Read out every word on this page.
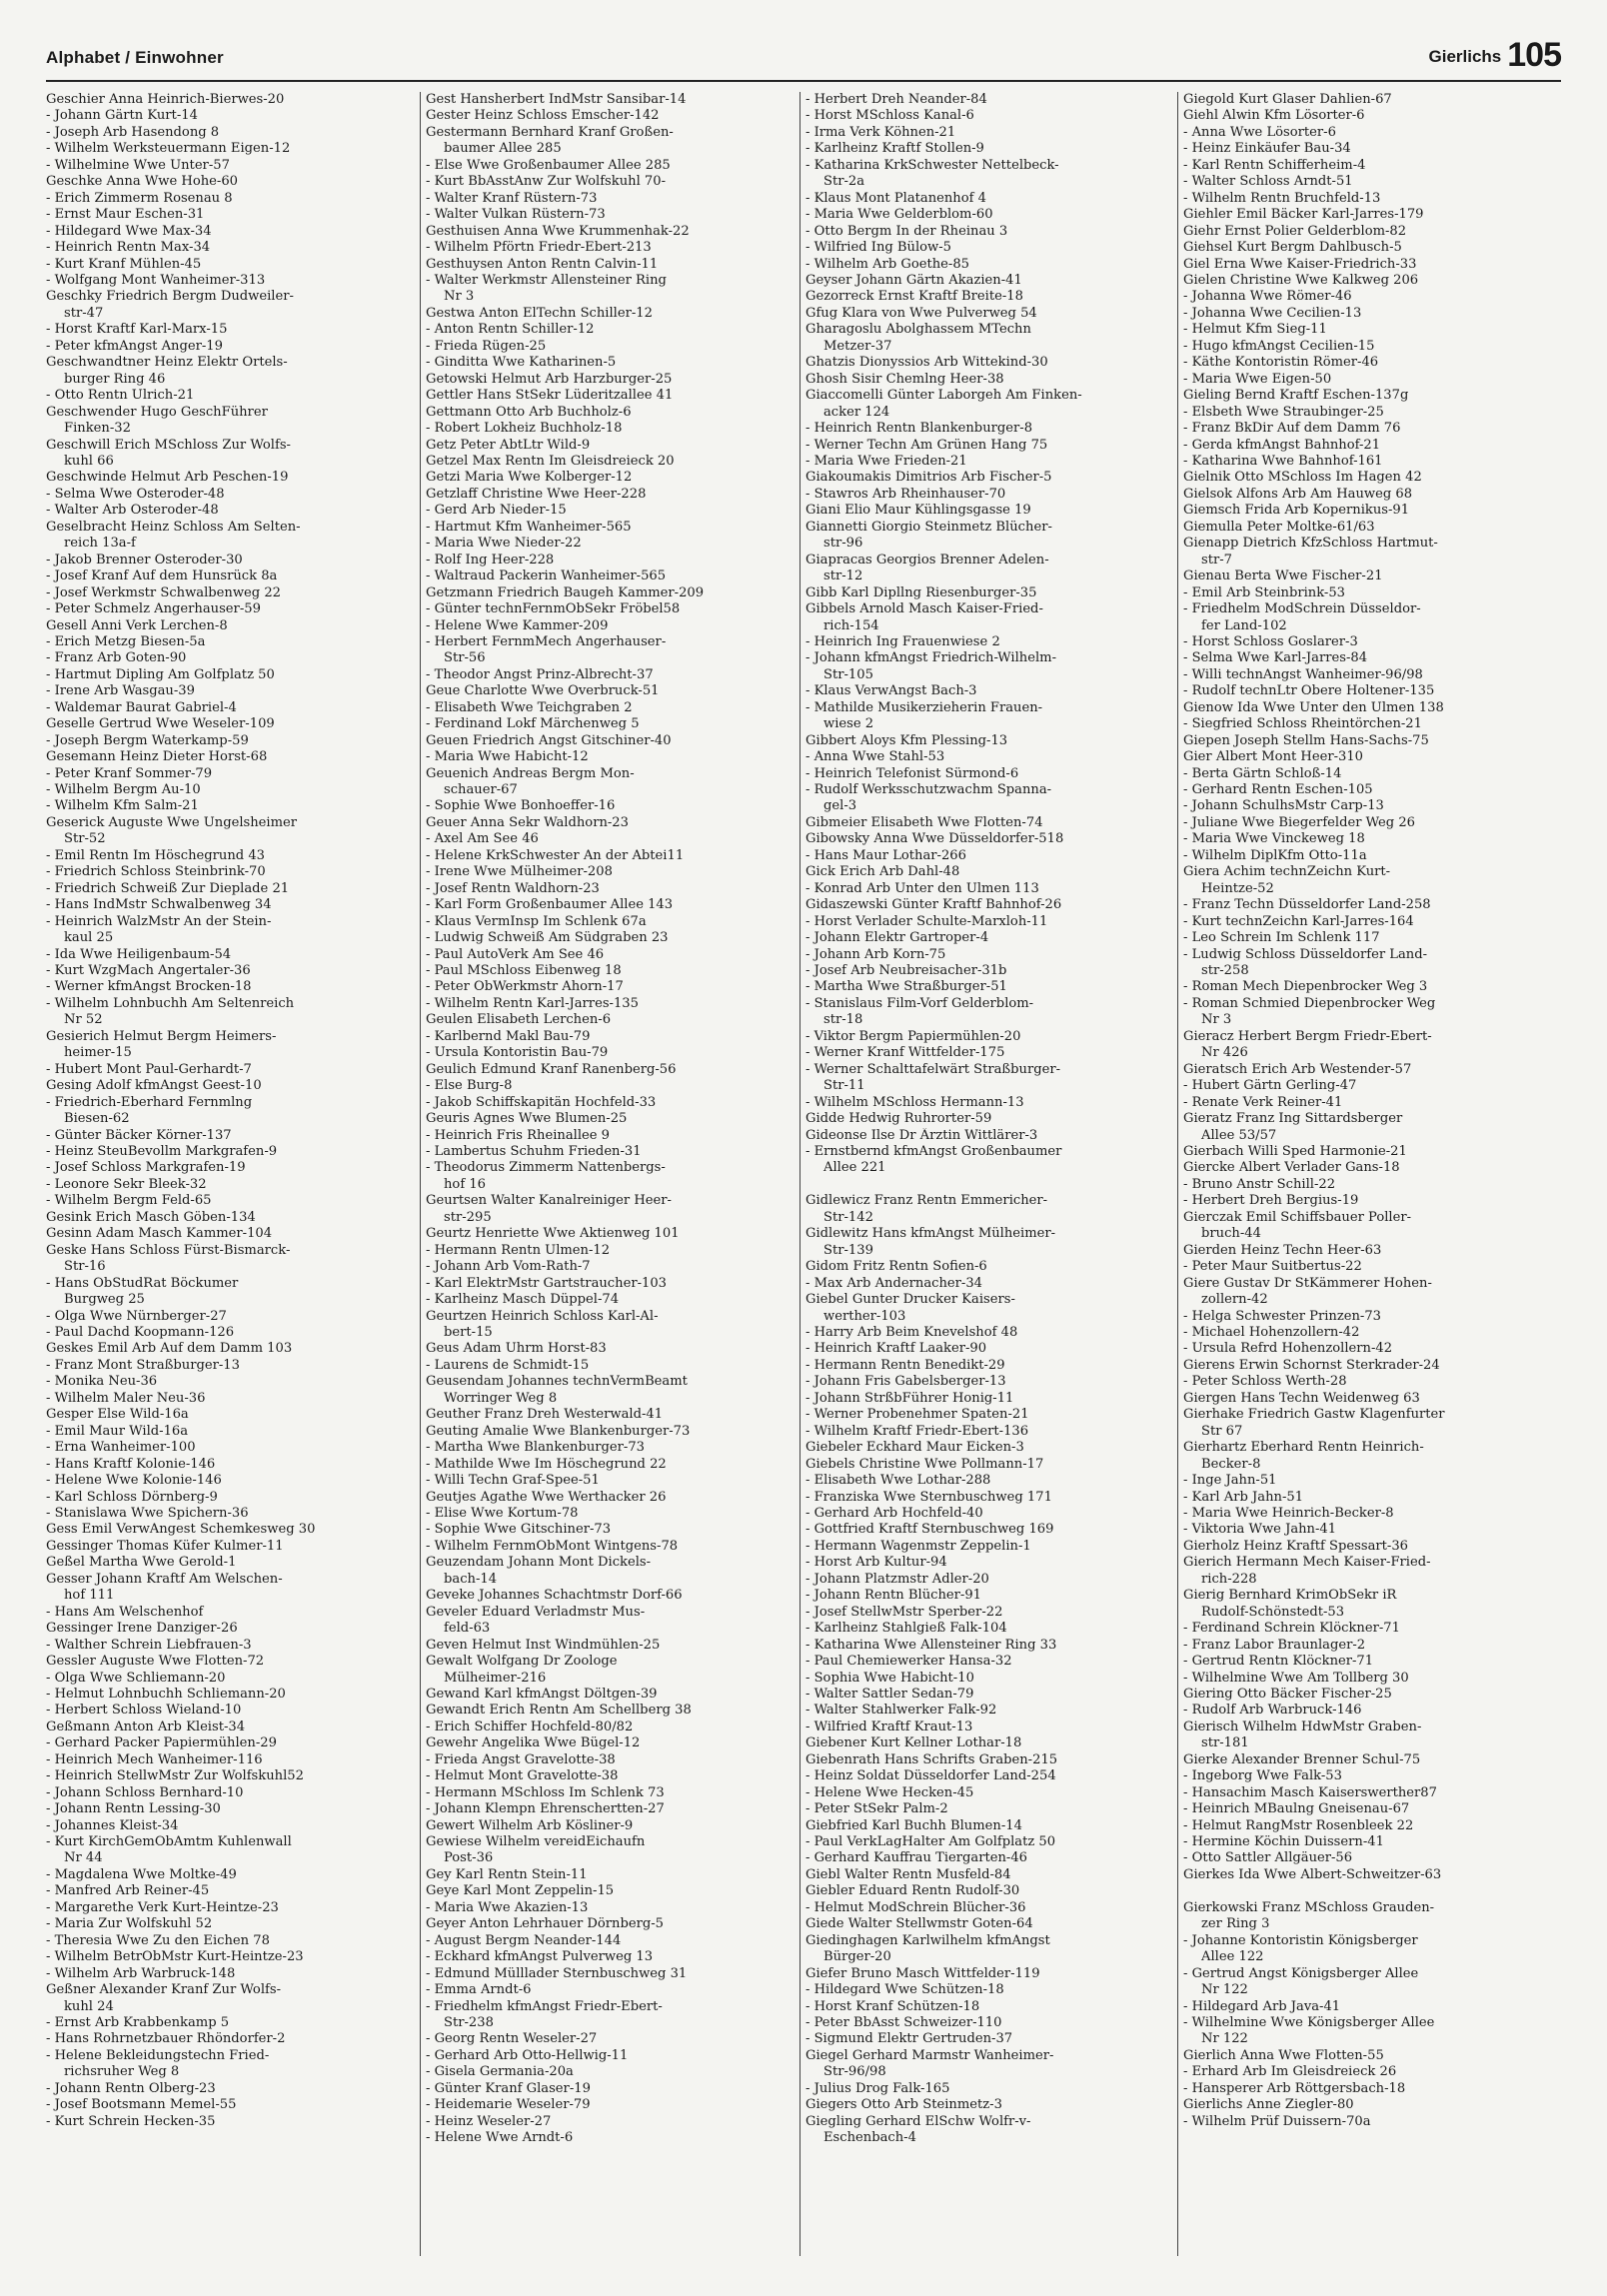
Alphabet / Einwohner	Gierlichs 105
Geschier Anna Heinrich-Bierwes-20
- Johann Gärtn Kurt-14
- Joseph Arb Hasendong 8
- Wilhelm Werksteuermann Eigen-12
- Wilhelmine Wwe Unter-57
Geschke Anna Wwe Hohe-60
- Erich Zimmerm Rosenau 8
- Ernst Maur Eschen-31
- Hildegard Wwe Max-34
- Heinrich Rentn Max-34
- Kurt Kranf Mühlen-45
- Wolfgang Mont Wanheimer-313
Geschky Friedrich Bergm Dudweiler-
str-47
- Horst Kraftf Karl-Marx-15
- Peter kfmAngst Anger-19
Geschwandtner Heinz Elektr Ortels-
burger Ring 46
- Otto Rentn Ulrich-21
Geschwender Hugo GeschFührer
Finken-32
Geschwill Erich MSchloss Zur Wolfs-
kuhl 66
Geschwinde Helmut Arb Peschen-19
- Selma Wwe Osteroder-48
- Walter Arb Osteroder-48
Geselbracht Heinz Schloss Am Selten-
reich 13a-f
- Jakob Brenner Osteroder-30
- Josef Kranf Auf dem Hunsrück 8a
- Josef Werkmstr Schwalbenweg 22
- Peter Schmelz Angerhauser-59
Gesell Anni Verk Lerchen-8
- Erich Metzg Biesen-5a
- Franz Arb Goten-90
- Hartmut Dipling Am Golfplatz 50
- Irene Arb Wasgau-39
- Waldemar Baurat Gabriel-4
Geselle Gertrud Wwe Weseler-109
- Joseph Bergm Waterkamp-59
Gesemann Heinz Dieter Horst-68
- Peter Kranf Sommer-79
- Wilhelm Bergm Au-10
- Wilhelm Kfm Salm-21
Geserick Auguste Wwe Ungelsheimer
Str-52
- Emil Rentn Im Höschegrund 43
- Friedrich Schloss Steinbrink-70
- Friedrich Schweiß Zur Dieplade 21
- Hans IndMstr Schwalbenweg 34
- Heinrich WalzMstr An der Stein-
kaul 25
- Ida Wwe Heiligenbaum-54
- Kurt WzgMach Angertaler-36
- Werner kfmAngst Brocken-18
- Wilhelm Lohnbuchh Am Seltenreich
Nr 52
Gesierich Helmut Bergm Heimers-
heimer-15
- Hubert Mont Paul-Gerhardt-7
Gesing Adolf kfmAngst Geest-10
- Friedrich-Eberhard Fernmlng
Biesen-62
- Günter Bäcker Körner-137
- Heinz SteuBevollm Markgrafen-9
- Josef Schloss Markgrafen-19
- Leonore Sekr Bleek-32
- Wilhelm Bergm Feld-65
Gesink Erich Masch Göben-134
Gesinn Adam Masch Kammer-104
Geske Hans Schloss Fürst-Bismarck-
Str-16
- Hans ObStudRat Böckumer
Burgweg 25
- Olga Wwe Nürnberger-27
- Paul Dachd Koopmann-126
Geskes Emil Arb Auf dem Damm 103
- Franz Mont Straßburger-13
- Monika Neu-36
- Wilhelm Maler Neu-36
Gesper Else Wild-16a
- Emil Maur Wild-16a
- Erna Wanheimer-100
- Hans Kraftf Kolonie-146
- Helene Wwe Kolonie-146
- Karl Schloss Dörnberg-9
- Stanislawa Wwe Spichern-36
Gess Emil VerwAngest Schemkesweg 30
Gessinger Thomas Küfer Kulmer-11
Geßel Martha Wwe Gerold-1
Gesser Johann Kraftf Am Welschen-
hof 111
- Hans Am Welschenhof
Gessinger Irene Danziger-26
- Walther Schrein Liebfrauen-3
Gessler Auguste Wwe Flotten-72
- Olga Wwe Schliemann-20
- Helmut Lohnbuchh Schliemann-20
- Herbert Schloss Wieland-10
Geßmann Anton Arb Kleist-34
- Gerhard Packer Papiermühlen-29
- Heinrich Mech Wanheimer-116
- Heinrich StellwMstr Zur Wolfskuhl52
- Johann Schloss Bernhard-10
- Johann Rentn Lessing-30
- Johannes Kleist-34
- Kurt KirchGemObAmtm Kuhlenwall
Nr 44
- Magdalena Wwe Moltke-49
- Manfred Arb Reiner-45
- Margarethe Verk Kurt-Heintze-23
- Maria Zur Wolfskuhl 52
- Theresia Wwe Zu den Eichen 78
- Wilhelm BetrObMstr Kurt-Heintze-23
- Wilhelm Arb Warbruck-148
Geßner Alexander Kranf Zur Wolfs-
kuhl 24
- Ernst Arb Krabbenkamp 5
- Hans Rohrnetzbauer Rhöndorfer-2
- Helene Bekleidungstechn Fried-
richsruher Weg 8
- Johann Rentn Ölberg-23
- Josef Bootsmann Memel-55
- Kurt Schrein Hecken-35
Gest Hansherbert IndMstr Sansibar-14
Gester Heinz Schloss Emscher-142
Gestermann Bernhard Kranf Großen-
baumer Allee 285
- Else Wwe Großenbaumer Allee 285
- Kurt BbAsstAnw Zur Wolfskuhl 70-
- Walter Kranf Rüstern-73
- Walter Vulkan Rüstern-73
Gesthuisen Anna Wwe Krummenhak-22
- Wilhelm Pförtn Friedr-Ebert-213
Gesthuysen Anton Rentn Calvin-11
- Walter Werkmstr Allensteiner Ring
Nr 3
Gestwa Anton ElTechn Schiller-12
- Anton Rentn Schiller-12
- Frieda Rügen-25
- Ginditta Wwe Katharinen-5
Getowski Helmut Arb Harzburger-25
Gettler Hans StSekr Lüderitzallee 41
Gettmann Otto Arb Buchholz-6
- Robert Lokheiz Buchholz-18
Getz Peter AbtLtr Wild-9
Getzel Max Rentn Im Gleisdreieck 20
Getzi Maria Wwe Kolberger-12
Getzlaff Christine Wwe Heer-228
- Gerd Arb Nieder-15
- Hartmut Kfm Wanheimer-565
- Maria Wwe Nieder-22
- Rolf Ing Heer-228
- Waltraud Packerin Wanheimer-565
Getzmann Friedrich Baugeh Kammer-209
- Günter technFernmObSekr Fröbel58
- Helene Wwe Kammer-209
- Herbert FernmMech Angerhauser-
Str-56
- Theodor Angst Prinz-Albrecht-37
Geue Charlotte Wwe Overbruck-51
- Elisabeth Wwe Teichgraben 2
- Ferdinand Lokf Märchenweg 5
Geuen Friedrich Angst Gitschiner-40
- Maria Wwe Habicht-12
Geuenich Andreas Bergm Mon-
schauer-67
- Sophie Wwe Bonhoeffer-16
Geuer Anna Sekr Waldhorn-23
- Axel Am See 46
- Helene KrkSchwester An der Abtei11
- Irene Wwe Mülheimer-208
- Josef Rentn Waldhorn-23
- Karl Form Großenbaumer Allee 143
- Klaus VermInsp Im Schlenk 67a
- Ludwig Schweiß Am Südgraben 23
- Paul AutoVerk Am See 46
- Paul MSchloss Eibenweg 18
- Peter ObWerkmstr Ahorn-17
- Wilhelm Rentn Karl-Jarres-135
Geulen Elisabeth Lerchen-6
- Karlbernd Makl Bau-79
- Ursula Kontoristin Bau-79
Geulich Edmund Kranf Ranenberg-56
- Else Burg-8
- Jakob Schiffskapitän Hochfeld-33
Geuris Agnes Wwe Blumen-25
- Heinrich Fris Rheinallee 9
- Lambertus Schuhm Frieden-31
- Theodorus Zimmerm Nattenbergs-
hof 16
Geurtsen Walter Kanalreiniger Heer-
str-295
Geurtz Henriette Wwe Aktienweg 101
- Hermann Rentn Ulmen-12
- Johann Arb Vom-Rath-7
- Karl ElektrMstr Gartstraucher-103
- Karlheinz Masch Düppel-74
Geurtzen Heinrich Schloss Karl-Al-
bert-15
Geus Adam Uhrm Horst-83
- Laurens de Schmidt-15
Geusendam Johannes technVermBeamt
Worringer Weg 8
Geuther Franz Dreh Westerwald-41
Geuting Amalie Wwe Blankenburger-73
- Martha Wwe Blankenburger-73
- Mathilde Wwe Im Höschegrund 22
- Willi Techn Graf-Spee-51
Geutjes Agathe Wwe Werthacker 26
- Elise Wwe Kortum-78
- Sophie Wwe Gitschiner-73
- Wilhelm FernmObMont Wintgens-78
Geuzendam Johann Mont Dickels-
bach-14
Geveke Johannes Schachtmstr Dorf-66
Geveler Eduard Verladmstr Mus-
feld-63
Geven Helmut Inst Windmühlen-25
Gewalt Wolfgang Dr Zoologe
Mülheimer-216
Gewand Karl kfmAngst Döltgen-39
Gewandt Erich Rentn Am Schellberg 38
- Erich Schiffer Hochfeld-80/82
Gewehr Angelika Wwe Bügel-12
- Frieda Angst Gravelotte-38
- Helmut Mont Gravelotte-38
- Hermann MSchloss Im Schlenk 73
- Johann Klempn Ehrenschertten-27
Gewert Wilhelm Arb Kösliner-9
Gewiese Wilhelm vereidEichaufn
Post-36
Gey Karl Rentn Stein-11
Geye Karl Mont Zeppelin-15
- Maria Wwe Akazien-13
Geyer Anton Lehrhauer Dörnberg-5
- August Bergm Neander-144
- Eckhard kfmAngst Pulverweg 13
- Edmund Mülllader Sternbuschweg 31
- Emma Arndt-6
- Friedhelm kfmAngst Friedr-Ebert-
Str-238
- Georg Rentn Weseler-27
- Gerhard Arb Otto-Hellwig-11
- Gisela Germania-20a
- Günter Kranf Glaser-19
- Heidemarie Weseler-79
- Heinz Weseler-27
- Helene Wwe Arndt-6
- Herbert Dreh Neander-84
- Horst MSchloss Kanal-6
- Irma Verk Köhnen-21
- Karlheinz Kraftf Stollen-9
- Katharina KrkSchwester Nettelbeck-
Str-2a
- Klaus Mont Platanenhof 4
- Maria Wwe Gelderblom-60
- Otto Bergm In der Rheinau 3
- Wilfried Ing Bülow-5
- Wilhelm Arb Goethe-85
Geyser Johann Gärtn Akazien-41
Gezorreck Ernst Kraftf Breite-18
Gfug Klara von Wwe Pulverweg 54
Gharagoslu Abolghassem MTechn
Metzer-37
Ghatzis Dionyssios Arb Wittekind-30
Ghosh Sisir Chemlng Heer-38
Giaccomelli Günter Laborgeh Am Finken-
acker 124
- Heinrich Rentn Blankenburger-8
- Werner Techn Am Grünen Hang 75
- Maria Wwe Frieden-21
Giakoumakis Dimitrios Arb Fischer-5
- Stawros Arb Rheinhauser-70
Giani Elio Maur Kühlingsgasse 19
Giannetti Giorgio Steinmetz Blücher-
str-96
Giapracas Georgios Brenner Adelen-
str-12
Gibb Karl Dipllng Riesenburger-35
Gibbels Arnold Masch Kaiser-Fried-
rich-154
- Heinrich Ing Frauenwiese 2
- Johann kfmAngst Friedrich-Wilhelm-
Str-105
- Klaus VerwAngst Bach-3
- Mathilde Musikerzieherin Frauen-
wiese 2
Gibbert Aloys Kfm Plessing-13
- Anna Wwe Stahl-53
- Heinrich Telefonist Sürmond-6
- Rudolf Werksschutzwachm Spanna-
gel-3
Gibmeier Elisabeth Wwe Flotten-74
Gibowsky Anna Wwe Düsseldorfer-518
- Hans Maur Lothar-266
Gick Erich Arb Dahl-48
- Konrad Arb Unter den Ulmen 113
Gidaszewski Günter Kraftf Bahnhof-26
- Horst Verlader Schulte-Marxloh-11
- Johann Elektr Gartroper-4
- Johann Arb Korn-75
- Josef Arb Neubreisacher-31b
- Martha Wwe Straßburger-51
- Stanislaus Film-Vorf Gelderblom-
str-18
- Viktor Bergm Papiermühlen-20
- Werner Kranf Wittfelder-175
- Werner Schalttafelwärt Straßburger-
Str-11
- Wilhelm MSchloss Hermann-13
Gidde Hedwig Ruhrorter-59
Gideonse Ilse Dr Ärztin Wittlärer-3
- Ernstbernd kfmAngst Großenbaumer
Allee 221

Gidlewicz Franz Rentn Emmericher-
Str-142
Gidlewitz Hans kfmAngst Mülheimer-
Str-139
Gidom Fritz Rentn Sofien-6
- Max Arb Andernacher-34
Giebel Gunter Drucker Kaisers-
werther-103
- Harry Arb Beim Knevelshof 48
- Heinrich Kraftf Laaker-90
- Hermann Rentn Benedikt-29
- Johann Fris Gabelsberger-13
- Johann StrßbFührer Honig-11
- Werner Probenehmer Spaten-21
- Wilhelm Kraftf Friedr-Ebert-136
Giebeler Eckhard Maur Eicken-3
Giebels Christine Wwe Pollmann-17
- Elisabeth Wwe Lothar-288
- Franziska Wwe Sternbuschweg 171
- Gerhard Arb Hochfeld-40
- Gottfried Kraftf Sternbuschweg 169
- Hermann Wagenmstr Zeppelin-1
- Horst Arb Kultur-94
- Johann Platzmstr Adler-20
- Johann Rentn Blücher-91
- Josef StellwMstr Sperber-22
- Karlheinz Stahlgieß Falk-104
- Katharina Wwe Allensteiner Ring 33
- Paul Chemiewerker Hansa-32
- Sophia Wwe Habicht-10
- Walter Sattler Sedan-79
- Walter Stahlwerker Falk-92
- Wilfried Kraftf Kraut-13
Giebener Kurt Kellner Lothar-18
Giebenrath Hans Schrifts Graben-215
- Heinz Soldat Düsseldorfer Land-254
- Helene Wwe Hecken-45
- Peter StSekr Palm-2
Giebfried Karl Buchh Blumen-14
- Paul VerkLagHalter Am Golfplatz 50
- Gerhard Kauffrau Tiergarten-46
Giebl Walter Rentn Musfeld-84
Giebler Eduard Rentn Rudolf-30
- Helmut ModSchrein Blücher-36
Giede Walter Stellwmstr Goten-64
Giedinghagen Karlwilhelm kfmAngst
Bürger-20
Giefer Bruno Masch Wittfelder-119
- Hildegard Wwe Schützen-18
- Horst Kranf Schützen-18
- Peter BbAsst Schweizer-110
- Sigmund Elektr Gertruden-37
Giegel Gerhard Marmstr Wanheimer-
Str-96/98
- Julius Drog Falk-165
Giegers Otto Arb Steinmetz-3
Giegling Gerhard ElSchw Wolfr-v-
Eschenbach-4
Giegold Kurt Glaser Dahlien-67
Giehl Alwin Kfm Lösorter-6
- Anna Wwe Lösorter-6
- Heinz Einkäufer Bau-34
- Karl Rentn Schifferheim-4
- Walter Schloss Arndt-51
- Wilhelm Rentn Bruchfeld-13
Giehler Emil Bäcker Karl-Jarres-179
Giehr Ernst Polier Gelderblom-82
Giehsel Kurt Bergm Dahlbusch-5
Giel Erna Wwe Kaiser-Friedrich-33
Gielen Christine Wwe Kalkweg 206
- Johanna Wwe Römer-46
- Johanna Wwe Cecilien-13
- Helmut Kfm Sieg-11
- Hugo kfmAngst Cecilien-15
- Käthe Kontoristin Römer-46
- Maria Wwe Eigen-50
Gieling Bernd Kraftf Eschen-137g
- Elsbeth Wwe Straubinger-25
- Franz BkDir Auf dem Damm 76
- Gerda kfmAngst Bahnhof-21
- Katharina Wwe Bahnhof-161
Gielnik Otto MSchloss Im Hagen 42
Gielsok Alfons Arb Am Hauweg 68
Giemsch Frida Arb Kopernikus-91
Giemulla Peter Moltke-61/63
Gienapp Dietrich KfzSchloss Hartmut-
str-7
Gienau Berta Wwe Fischer-21
- Emil Arb Steinbrink-53
- Friedhelm ModSchrein Düsseldor-
fer Land-102
- Horst Schloss Goslarer-3
- Selma Wwe Karl-Jarres-84
- Willi technAngst Wanheimer-96/98
- Rudolf technLtr Obere Holtener-135
Gienow Ida Wwe Unter den Ulmen 138
- Siegfried Schloss Rheintörchen-21
Giepen Joseph Stellm Hans-Sachs-75
Gier Albert Mont Heer-310
- Berta Gärtn Schloß-14
- Gerhard Rentn Eschen-105
- Johann SchulhsMstr Carp-13
- Juliane Wwe Biegerfelder Weg 26
- Maria Wwe Vinckeweg 18
- Wilhelm DiplKfm Otto-11a
Giera Achim technZeichn Kurt-
Heintze-52
- Franz Techn Düsseldorfer Land-258
- Kurt technZeichn Karl-Jarres-164
- Leo Schrein Im Schlenk 117
- Ludwig Schloss Düsseldorfer Land-
str-258
- Roman Mech Diepenbrocker Weg 3
- Roman Schmied Diepenbrocker Weg
Nr 3
Gieracz Herbert Bergm Friedr-Ebert-
Nr 426
Gieratsch Erich Arb Westender-57
- Hubert Gärtn Gerling-47
- Renate Verk Reiner-41
Gieratz Franz Ing Sittardsberger
Allee 53/57
Gierbach Willi Sped Harmonie-21
Giercke Albert Verlader Gans-18
- Bruno Anstr Schill-22
- Herbert Dreh Bergius-19
Gierczak Emil Schiffsbauer Poller-
bruch-44
Gierden Heinz Techn Heer-63
- Peter Maur Suitbertus-22
Giere Gustav Dr StKämmerer Hohen-
zollern-42
- Helga Schwester Prinzen-73
- Michael Hohenzollern-42
- Ursula Refrd Hohenzollern-42
Gierens Erwin Schornst Sterkrader-24
- Peter Schloss Werth-28
Giergen Hans Techn Weidenweg 63
Gierhake Friedrich Gastw Klagenfurter
Str 67
Gierhartz Eberhard Rentn Heinrich-
Becker-8
- Inge Jahn-51
- Karl Arb Jahn-51
- Maria Wwe Heinrich-Becker-8
- Viktoria Wwe Jahn-41
Gierholz Heinz Kraftf Spessart-36
Gierich Hermann Mech Kaiser-Fried-
rich-228
Gierig Bernhard KrimObSekr iR
Rudolf-Schönstedt-53
- Ferdinand Schrein Klöckner-71
- Franz Labor Braunlager-2
- Gertrud Rentn Klöckner-71
- Wilhelmine Wwe Am Tollberg 30
Giering Otto Bäcker Fischer-25
- Rudolf Arb Warbruck-146
Gierisch Wilhelm HdwMstr Graben-
str-181
Gierke Alexander Brenner Schul-75
- Ingeborg Wwe Falk-53
- Hansachim Masch Kaiserswerther87
- Heinrich MBaulng Gneisenau-67
- Helmut RangMstr Rosenbleek 22
- Hermine Köchin Duissern-41
- Otto Sattler Allgäuer-56
Gierkes Ida Wwe Albert-Schweitzer-63

Gierkowski Franz MSchloss Grauden-
zer Ring 3
- Johanne Kontoristin Königsberger
Allee 122
- Gertrud Angst Königsberger Allee
Nr 122
- Hildegard Arb Java-41
- Wilhelmine Wwe Königsberger Allee
Nr 122
Gierlich Anna Wwe Flotten-55
- Erhard Arb Im Gleisdreieck 26
- Hansperer Arb Röttgersbach-18
Gierlichs Anne Ziegler-80
- Wilhelm Prüf Duissern-70a
